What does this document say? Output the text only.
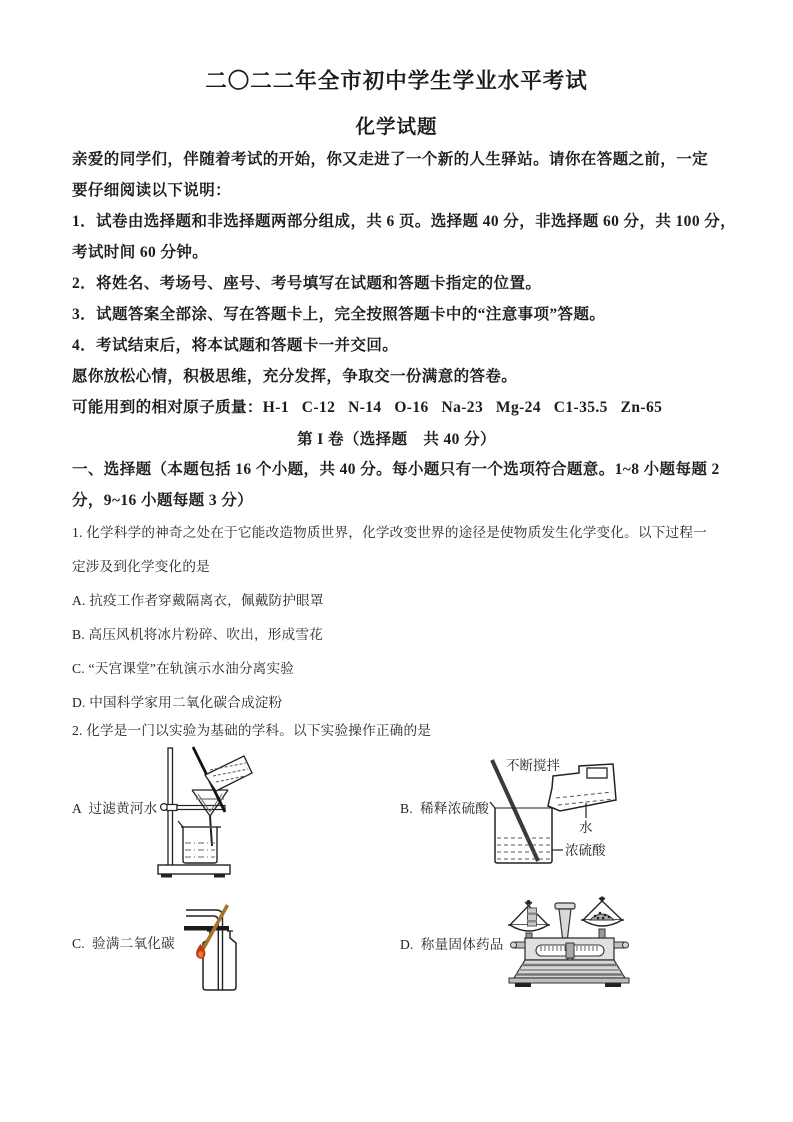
二〇二二年全市初中学生学业水平考试
化学试题
亲爱的同学们，伴随着考试的开始，你又走进了一个新的人生驿站。请你在答题之前，一定
要仔细阅读以下说明：
1．试卷由选择题和非选择题两部分组成，共 6 页。选择题 40 分，非选择题 60 分，共 100 分，
考试时间 60 分钟。
2．将姓名、考场号、座号、考号填写在试题和答题卡指定的位置。
3．试题答案全部涂、写在答题卡上，完全按照答题卡中的“注意事项”答题。
4．考试结束后，将本试题和答题卡一并交回。
愿你放松心情，积极思维，充分发挥，争取交一份满意的答卷。
可能用到的相对原子质量：H-1   C-12   N-14   O-16   Na-23   Mg-24   C1-35.5   Zn-65
第 I 卷（选择题　共 40 分）
一、选择题（本题包括 16 个小题，共 40 分。每小题只有一个选项符合题意。1~8 小题每题 2
分，9~16 小题每题 3 分）
1. 化学科学的神奇之处在于它能改造物质世界，化学改变世界的途径是使物质发生化学变化。以下过程一
定涉及到化学变化的是
A. 抗疫工作者穿戴隔离衣，佩戴防护眼罩
B. 高压风机将冰片粉碎、吹出，形成雪花
C. “天宫课堂”在轨演示水油分离实验
D. 中国科学家用二氧化碳合成淀粉
2. 化学是一门以实验为基础的学科。以下实验操作正确的是
A  过滤黄河水	B.  稀释浓硫酸
不断搅拌
水
浓硫酸
C.  验满二氧化碳	D.  称量固体药品
